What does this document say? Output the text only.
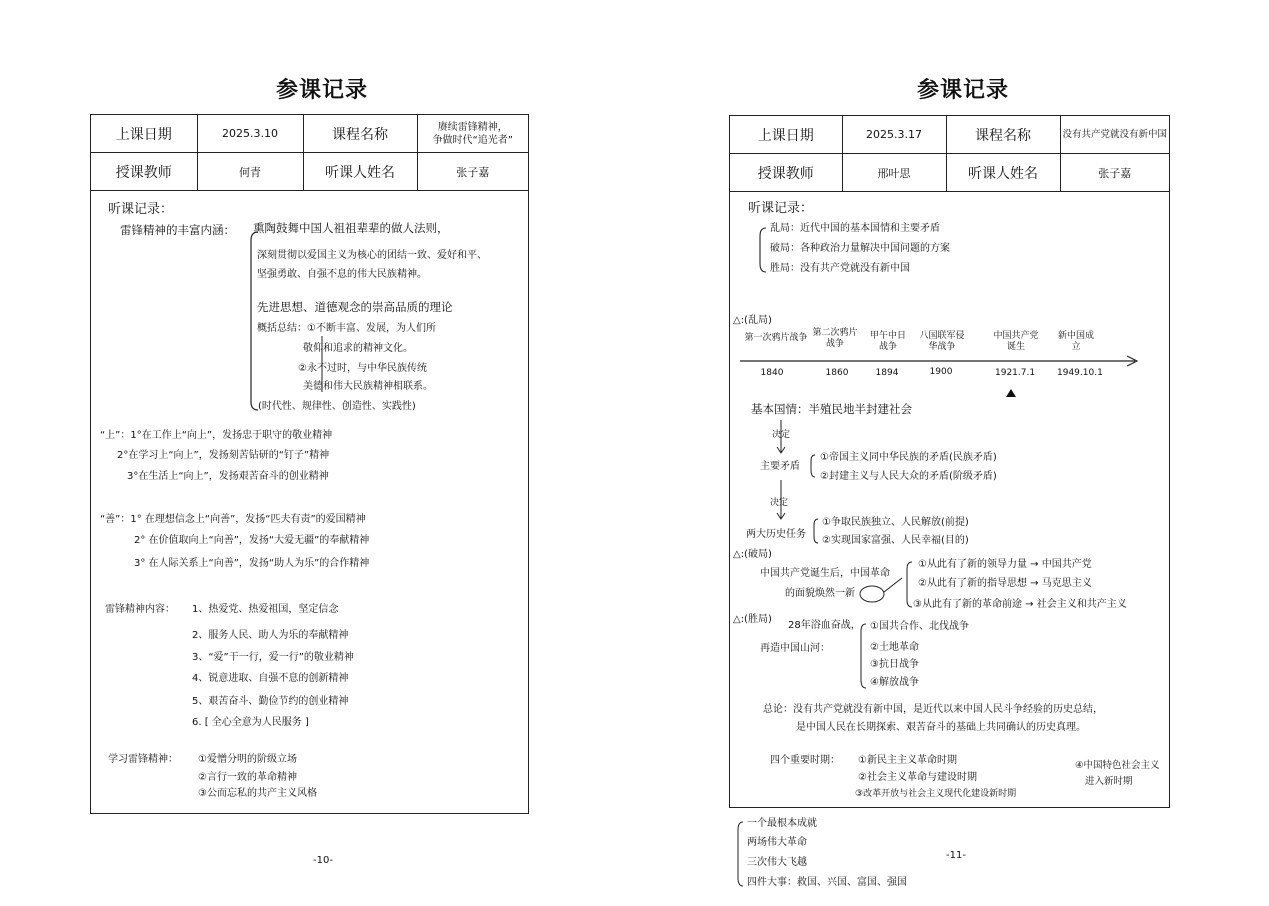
参课记录
上课日期	2025.3.10	课程名称	赓续雷锋精神，
争做时代“追光者”

授课教师	何青	听课人姓名	张子嘉
听课记录：
雷锋精神的丰富内涵： 熏陶鼓舞中国人祖祖辈辈的做人法则，
深刻贯彻以爱国主义为核心的团结一致、爱好和平、
坚强勇敢、自强不息的伟大民族精神。
先进思想、道德观念的崇高品质的理论
概括总结：①不断丰富、发展，为人们所
敬仰和追求的精神文化。
②永不过时，与中华民族传统
美德和伟大民族精神相联系。
(时代性、规律性、创造性、实践性)
“上”：1°在工作上“向上”，发扬忠于职守的敬业精神
2°在学习上“向上”，发扬刻苦钻研的“钉子”精神
3°在生活上“向上”，发扬艰苦奋斗的创业精神
“善”：1° 在理想信念上“向善”，发扬“匹夫有责”的爱国精神
2° 在价值取向上“向善”，发扬“大爱无疆”的奉献精神
3° 在人际关系上“向善”，发扬“助人为乐”的合作精神
雷锋精神内容： 1、热爱党、热爱祖国，坚定信念
2、服务人民、助人为乐的奉献精神
3、“爱”干一行，爱一行”的敬业精神
4、锐意进取、自强不息的创新精神
5、艰苦奋斗、勤俭节约的创业精神
6. [ 全心全意为人民服务 ]
学习雷锋精神： ①爱憎分明的阶级立场
②言行一致的革命精神
③公而忘私的共产主义风格
-10-
参课记录
上课日期	2025.3.17	课程名称	没有共产党就没有新中国
授课教师	邢叶思	听课人姓名	张子嘉
听课记录：
乱局：近代中国的基本国情和主要矛盾
破局：各种政治力量解决中国问题的方案
胜局：没有共产党就没有新中国
△:(乱局)
第一次鸦片战争 第二次鸦片战争
甲午中日战争
八国联军侵华战争
中国共产党诞生
新中国成立
1840	1860	1894	1900	1921.7.1 1949.10.1
基本国情：半殖民地半封建社会
决定
主要矛盾
①帝国主义同中华民族的矛盾(民族矛盾)
②封建主义与人民大众的矛盾(阶级矛盾)
决定
两大历史任务
①争取民族独立、人民解放(前提)
②实现国家富强、人民幸福(目的)
△:(破局)
中国共产党诞生后，中国革命
的面貌焕然一新
①从此有了新的领导力量 → 中国共产党
②从此有了新的指导思想 → 马克思主义
③从此有了新的革命前途 → 社会主义和共产主义
△:(胜局)
28年浴血奋战，
再造中国山河：
①国共合作、北伐战争
②土地革命
③抗日战争
④解放战争
总论：没有共产党就没有新中国，是近代以来中国人民斗争经验的历史总结，
是中国人民在长期探索、艰苦奋斗的基础上共同确认的历史真理。
四个重要时期： ①新民主主义革命时期
②社会主义革命与建设时期
③改革开放与社会主义现代化建设新时期
④中国特色社会主义
进入新时期
-11-
一个最根本成就
两场伟大革命
三次伟大飞越
四件大事：救国、兴国、富国、强国
